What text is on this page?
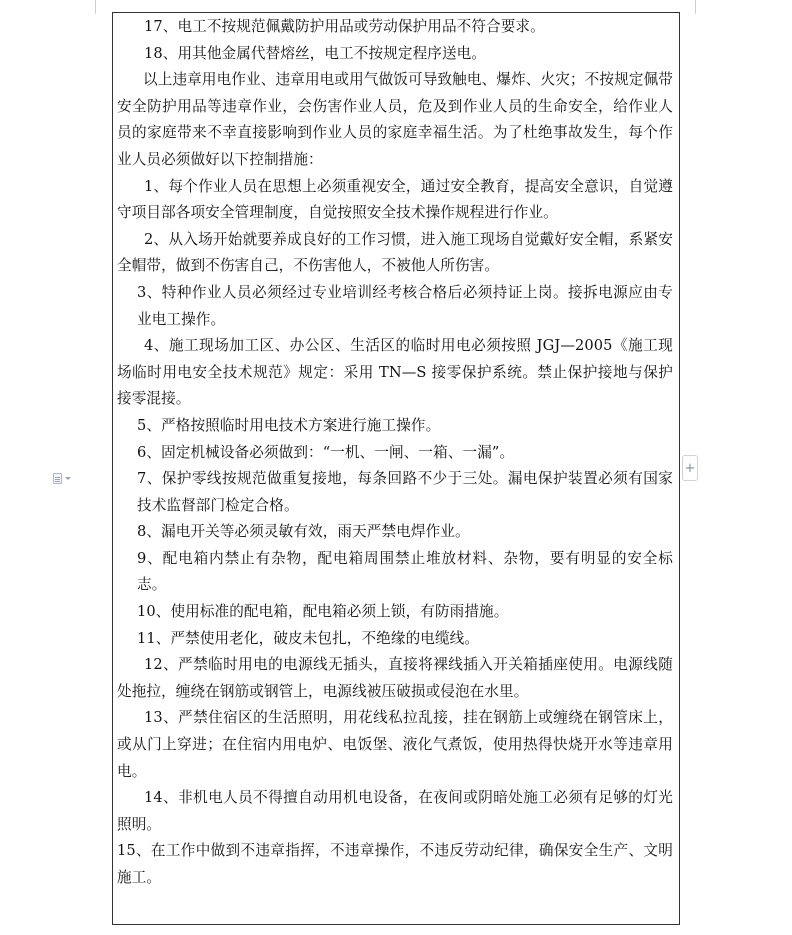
17、电工不按规范佩戴防护用品或劳动保护用品不符合要求。

18、用其他金属代替熔丝，电工不按规定程序送电。

以上违章用电作业、违章用电或用气做饭可导致触电、爆炸、火灾；不按规定佩带安全防护用品等违章作业，会伤害作业人员，危及到作业人员的生命安全，给作业人员的家庭带来不幸直接影响到作业人员的家庭幸福生活。为了杜绝事故发生，每个作业人员必须做好以下控制措施：

1、每个作业人员在思想上必须重视安全，通过安全教育，提高安全意识，自觉遵守项目部各项安全管理制度，自觉按照安全技术操作规程进行作业。

2、从入场开始就要养成良好的工作习惯，进入施工现场自觉戴好安全帽，系紧安全帽带，做到不伤害自己，不伤害他人，不被他人所伤害。

3、特种作业人员必须经过专业培训经考核合格后必须持证上岗。接拆电源应由专业电工操作。

4、施工现场加工区、办公区、生活区的临时用电必须按照 JGJ—2005《施工现场临时用电安全技术规范》规定：采用 TN—S 接零保护系统。禁止保护接地与保护接零混接。

5、严格按照临时用电技术方案进行施工操作。

6、固定机械设备必须做到：“一机、一闸、一箱、一漏”。

7、保护零线按规范做重复接地，每条回路不少于三处。漏电保护装置必须有国家技术监督部门检定合格。

8、漏电开关等必须灵敏有效，雨天严禁电焊作业。

9、配电箱内禁止有杂物，配电箱周围禁止堆放材料、杂物，要有明显的安全标志。

10、使用标准的配电箱，配电箱必须上锁，有防雨措施。

11、严禁使用老化，破皮未包扎，不绝缘的电缆线。

12、严禁临时用电的电源线无插头，直接将裸线插入开关箱插座使用。电源线随处拖拉，缠绕在钢筋或钢管上，电源线被压破损或侵泡在水里。

13、严禁住宿区的生活照明，用花线私拉乱接，挂在钢筋上或缠绕在钢管床上，或从门上穿进；在住宿内用电炉、电饭堡、液化气煮饭，使用热得快烧开水等违章用电。

14、非机电人员不得擅自动用机电设备，在夜间或阴暗处施工必须有足够的灯光照明。

15、在工作中做到不违章指挥，不违章操作，不违反劳动纪律，确保安全生产、文明施工。

+
